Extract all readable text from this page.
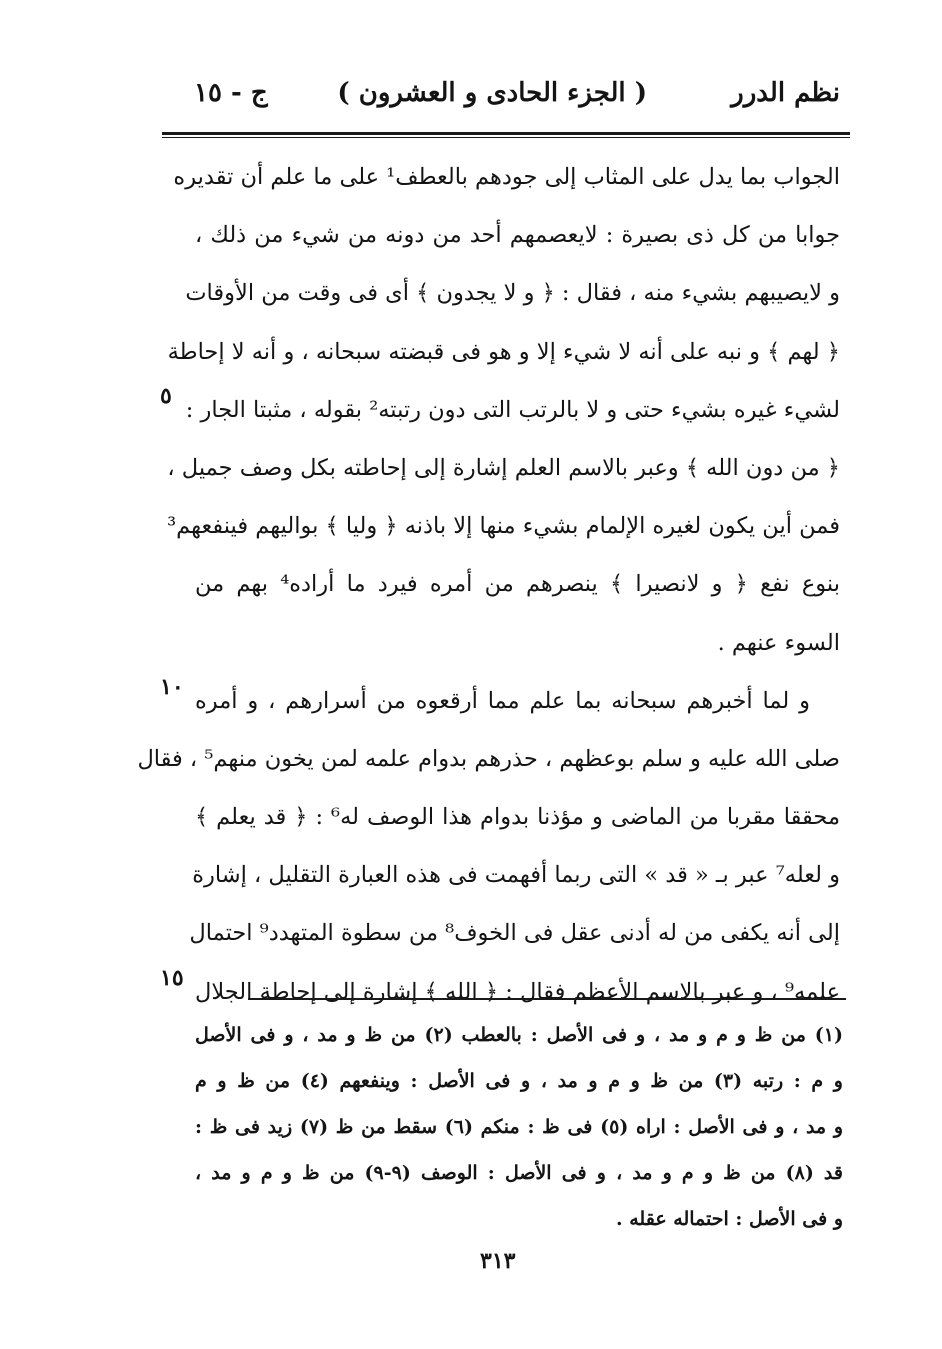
نظم الدرر
( الجزء الحادى و العشرون )
ج - ١٥
الجواب بما يدل على المثاب إلى جودهم بالعطف¹ على ما علم أن تقديره
جوابا من كل ذى بصيرة : لايعصمهم أحد من دونه من شيء من ذلك ،
و لايصيبهم بشيء منه ، فقال : ﴿ و لا يجدون ﴾ أى فى وقت من الأوقات
﴿ لهم ﴾ و نبه على أنه لا شيء إلا و هو فى قبضته سبحانه ، و أنه لا إحاطة
لشيء غيره بشيء حتى و لا بالرتب التى دون رتبته² بقوله ، مثبتا الجار :
﴿ من دون الله ﴾ وعبر بالاسم العلم إشارة إلى إحاطته بكل وصف جميل ،
فمن أين يكون لغيره الإلمام بشيء منها إلا باذنه ﴿ وليا ﴾ بواليهم فينفعهم³
بنوع نفع ﴿ و لانصيرا ﴾ ينصرهم من أمره فيرد ما أراده⁴ بهم من
السوء عنهم .
و لما أخبرهم سبحانه بما علم مما أرقعوه من أسرارهم ، و أمره
صلى الله عليه و سلم بوعظهم ، حذرهم بدوام علمه لمن يخون منهم⁵ ، فقال
محققا مقربا من الماضى و مؤذنا بدوام هذا الوصف له⁶ : ﴿ قد يعلم ﴾
و لعله⁷ عبر بـ « قد » التى ربما أفهمت فى هذه العبارة التقليل ، إشارة
إلى أنه يكفى من له أدنى عقل فى الخوف⁸ من سطوة المتهدد⁹ احتمال
علمه⁹ ، و عبر بالاسم الأعظم فقال : ﴿ الله ﴾ إشارة إلى إحاطة الجلال
٥
١٠
١٥
(١) من ظ و م و مد ، و فى الأصل : بالعطب (٢) من ظ و مد ، و فى الأصل
و م : رتبه (٣) من ظ و م و مد ، و فى الأصل : وينفعهم (٤) من ظ و م
و مد ، و فى الأصل : اراه (٥) فى ظ : منكم (٦) سقط من ظ (٧) زيد فى ظ :
قد (٨) من ظ و م و مد ، و فى الأصل : الوصف (٩-٩) من ظ و م و مد ،
و فى الأصل : احتماله عقله .
٣١٣
